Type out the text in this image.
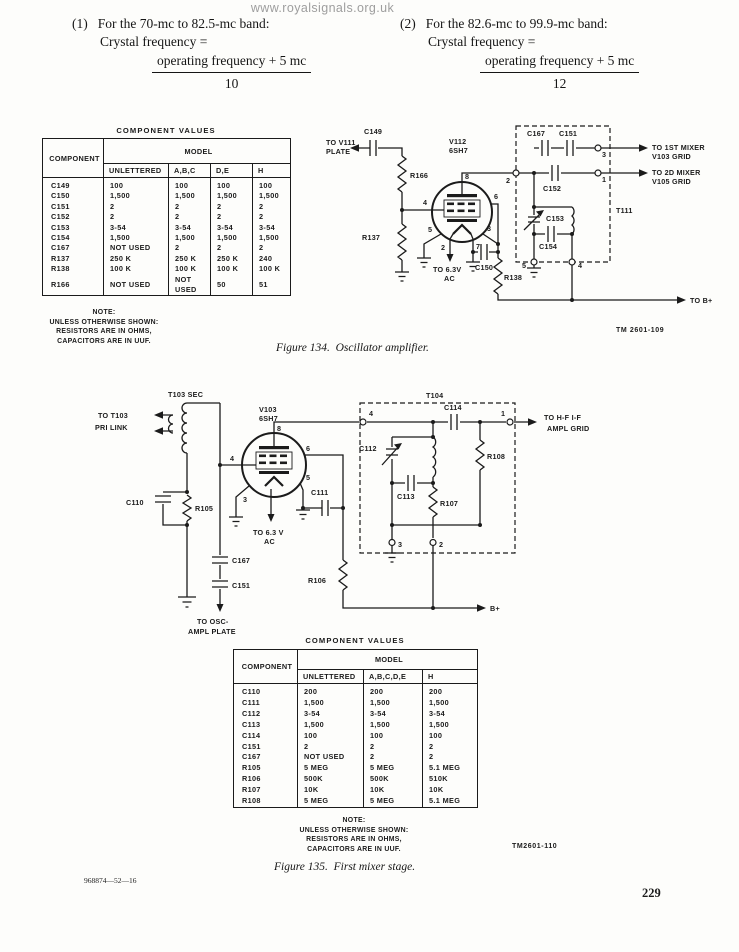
www.royalsignals.org.uk
(1) For the 70-mc to 82.5-mc band:
Crystal frequency =
$\frac{\text{operating frequency + 5 mc}}{10}$
(2) For the 82.6-mc to 99.9-mc band:
Crystal frequency =
$\frac{\text{operating frequency + 5 mc}}{12}$
COMPONENT VALUES
COMPONENT	MODEL			
	UNLETTERED	A,B,C	D,E	H
C149	100	100	100	100
C150	1,500	1,500	1,500	1,500
C151	2	2	2	2
C152	2	2	2	2
C153	3-54	3-54	3-54	3-54
C154	1,500	1,500	1,500	1,500
C167	NOT USED	2	2	2
R137	250 K	250 K	250 K	240
R138	100 K	100 K	100 K	100 K
R166	NOT USED	NOT USED	50	51
NOTE:
UNLESS OTHERWISE SHOWN:
RESISTORS ARE IN OHMS,
CAPACITORS ARE IN UUF.
TO V111
PLATE
C149
R166
R137
V112
6SH7
8
4
5	3
2	7
6
TO 6.3V
AC
C150
R138
2
C167 C151
3
C152
1
C153
C154
T111
5	4
TO 1ST MIXER
V103 GRID
TO 2D MIXER
V105 GRID
TO B+
TM 2601-109
Figure 134.  Oscillator amplifier.
T103 SEC
TO T103
PRI LINK
V103
6SH7
8
4
3
5
6
TO 6.3 V
AC
C110
R105
C167
C151
TO OSC-
AMPL PLATE
C111
R106
T104
4
C114
1	TO H-F I-F
AMPL GRID
C112
C113
R107
R108
3	2
B+
COMPONENT VALUES
COMPONENT	MODEL		
	UNLETTERED	A,B,C,D,E	H
C110	200	200	200
C111	1,500	1,500	1,500
C112	3-54	3-54	3-54
C113	1,500	1,500	1,500
C114	100	100	100
C151	2	2	2
C167	NOT USED	2	2
R105	5 MEG	5 MEG	5.1 MEG
R106	500K	500K	510K
R107	10K	10K	10K
R108	5 MEG	5 MEG	5.1 MEG
NOTE:
UNLESS OTHERWISE SHOWN:
RESISTORS ARE IN OHMS,
CAPACITORS ARE IN UUF.	TM2601-110
Figure 135.  First mixer stage.
968874—52—16
229
